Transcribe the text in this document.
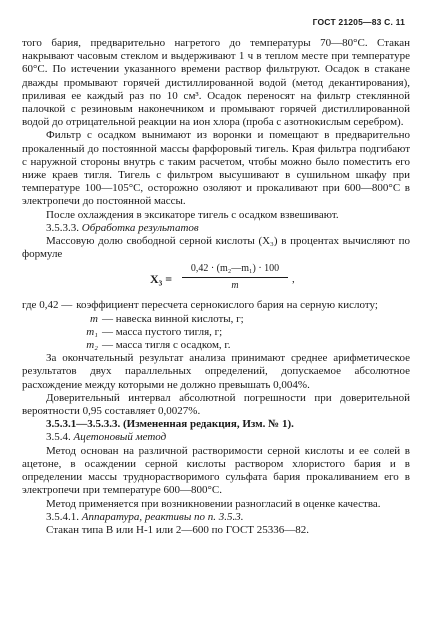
ГОСТ 21205—83 С. 11

того бария, предварительно нагретого до температуры 70—80°С. Стакан накрывают часовым стеклом и выдерживают 1 ч в теплом месте при температуре 60°С. По истечении указанного времени раствор фильтруют. Осадок в стакане дважды промывают горячей дистиллированной водой (метод декантирования), приливая ее каждый раз по 10 см³. Осадок переносят на фильтр стеклянной палочкой с резиновым наконечником и промывают горячей дистиллированной водой до отрицательной реакции на ион хлора (проба с азотнокислым серебром).

Фильтр с осадком вынимают из воронки и помещают в предварительно прокаленный до постоянной массы фарфоровый тигель. Края фильтра подгибают с наружной стороны внутрь с таким расчетом, чтобы можно было поместить его ниже краев тигля. Тигель с фильтром высушивают в сушильном шкафу при температуре 100—105°С, осторожно озоляют и прокаливают при 600—800°С в электропечи до постоянной массы.

После охлаждения в эксикаторе тигель с осадком взвешивают.

3.5.3.3. Обработка результатов

Массовую долю свободной серной кислоты (X₃) в процентах вычисляют по формуле

X₃ =
0,42 · (m₂—m₁) · 100
m	,
где 0,42 — коэффициент пересчета сернокислого бария на серную кислоту;
m — навеска винной кислоты, г;
m₁ — масса пустого тигля, г;
m₂ — масса тигля с осадком, г.

За окончательный результат анализа принимают среднее арифметическое результатов двух параллельных определений, допускаемое абсолютное расхождение между которыми не должно превышать 0,004%.

Доверительный интервал абсолютной погрешности при доверительной вероятности 0,95 составляет 0,0027%.

3.5.3.1—3.5.3.3. (Измененная редакция, Изм. № 1).

3.5.4. Ацетоновый метод

Метод основан на различной растворимости серной кислоты и ее солей в ацетоне, в осаждении серной кислоты раствором хлористого бария и в определении массы труднорастворимого сульфата бария прокаливанием его в электропечи при температуре 600—800°С.

Метод применяется при возникновении разногласий в оценке качества.

3.5.4.1. Аппаратура, реактивы по п. 3.5.3.

Стакан типа В или Н-1 или 2—600 по ГОСТ 25336—82.
